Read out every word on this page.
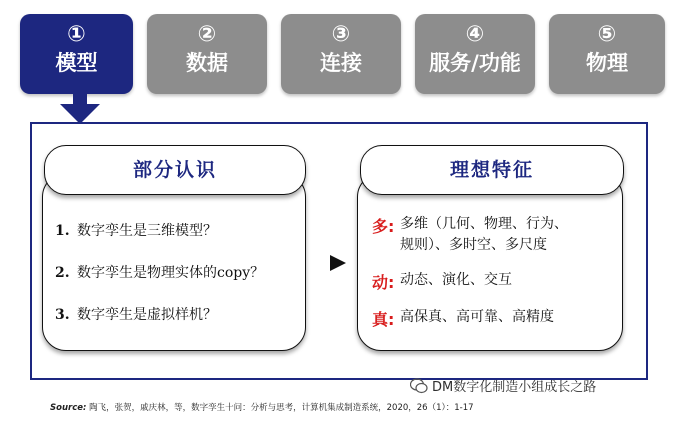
①
模型
②
数据
③
连接
④
服务/功能
⑤
物理
1. 数字孪生是三维模型？
2. 数字孪生是物理实体的copy？
3. 数字孪生是虚拟样机？
部分认识
多: 多维（几何、物理、行为、
规则）、多时空、多尺度
动: 动态、演化、交互
真: 高保真、高可靠、高精度
理想特征
DM数字化制造小组成长之路
Source: 陶飞，张贺，戚庆林，等，数字孪生十问：分析与思考，计算机集成制造系统，2020，26（1）：1-17
